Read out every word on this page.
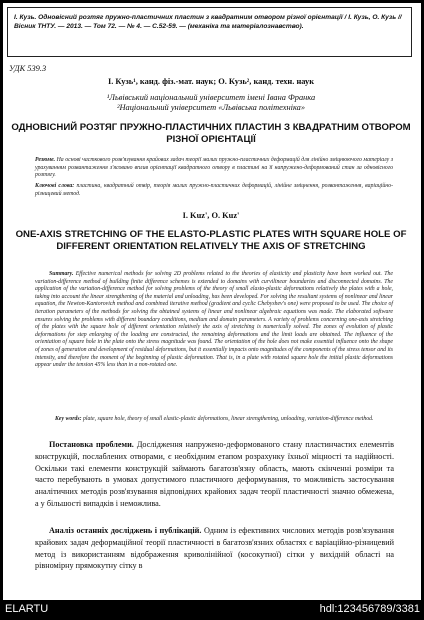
І. Кузь. Одновісний розтяг пружно-пластичних пластин з квадратним отвором різної орієнтації / І. Кузь, О. Кузь // Вісник ТНТУ. — 2013. — Том 72. — № 4. — С.52-59. — (механіка та матеріалознавство).
УДК 539.3
І. Кузь¹, канд. фіз.-мат. наук; О. Кузь², канд. техн. наук
¹Львівський національний університет імені Івана Франка
²Національний університет «Львівська політехніка»
ОДНОВІСНИЙ РОЗТЯГ ПРУЖНО-ПЛАСТИЧНИХ ПЛАСТИН З КВАДРАТНИМ ОТВОРОМ РІЗНОЇ ОРІЄНТАЦІЇ

Резюме. На основі часткового розв'язування крайових задач теорії малих пружно-пластичних деформацій для лінійно зміцнюючого матеріалу з урахуванням розвантаження з'ясовано вплив орієнтації квадратного отвору в пластині на її напружено-деформований стан за одновісного розтягу.

Ключові слова: пластина, квадратний отвір, теорія малих пружно-пластичних деформацій, лінійне зміцнення, розвантаження, варіаційно-різницевий метод.

I. Kuz', O. Kuz'
ONE-AXIS STRETCHING OF THE ELASTO-PLASTIC PLATES WITH SQUARE HOLE OF DIFFERENT ORIENTATION RELATIVELY THE AXIS OF STRETCHING

Summary. Effective numerical methods for solving 2D problems related to the theories of elasticity and plasticity have been worked out. The variation-difference method of building finite difference schemes is extended to domains with curvilinear boundaries and disconnected domains. The application of the variation-difference method for solving problems of the theory of small elasto-plastic deformations relatively the plates with a hole, taking into account the linear strengthening of the material and unloading, has been developed. For solving the resultant systems of nonlinear and linear equation, the Newton-Kantorovich method and combined iterative method (gradient and cyclic Chebyshev's one) were proposed to be used. The choice of iteration parameters of the methods for solving the obtained systems of linear and nonlinear algebraic equations was made. The elaborated software ensures solving the problems with different boundary conditions, medium and domain parameters. A variety of problems concerning one-axis stretching of the plates with the square hole of different orientation relatively the axis of stretching is numerically solved. The zones of evolution of plastic deformations for step enlarging of the loading are constructed, the remaining deformations and the limit loads are obtained. The influence of the orientation of square hole in the plate onto the stress magnitude was found. The orientation of the hole does not make essential influence onto the shape of zones of generation and development of residual deformations, but it essentially impacts onto magnitudes of the components of the stress tensor and its intensity, and therefore the moment of the beginning of plastic deformation. That is, in a plate with rotated square hole the initial plastic deformations appear under the tension 45% less than in a non-rotated one.

Key words: plate, square hole, theory of small elastic-plastic deformations, linear strengthening, unloading, variation-difference method.

Постановка проблеми. Дослідження напружено-деформованого стану пластинчастих елементів конструкцій, послаблених отворами, є необхідним етапом розрахунку їхньої міцності та надійності. Оскільки такі елементи конструкцій займають багатозв'язну область, мають скінченні розміри та часто перебувають в умовах допустимого пластичного деформування, то можливість застосування аналітичних методів розв'язування відповідних крайових задач теорії пластичності значно обмежена, а у більшості випадків і неможлива.

Аналіз останніх досліджень і публікацій. Одним із ефективних числових методів розв'язування крайових задач деформаційної теорії пластичності в багатозв'язних областях є варіаційно-різницевий метод із використанням відображення криволінійної (косокутної) сітки у вихідній області на рівномірну прямокутну сітку в

ELARTU	hdl:123456789/3381
